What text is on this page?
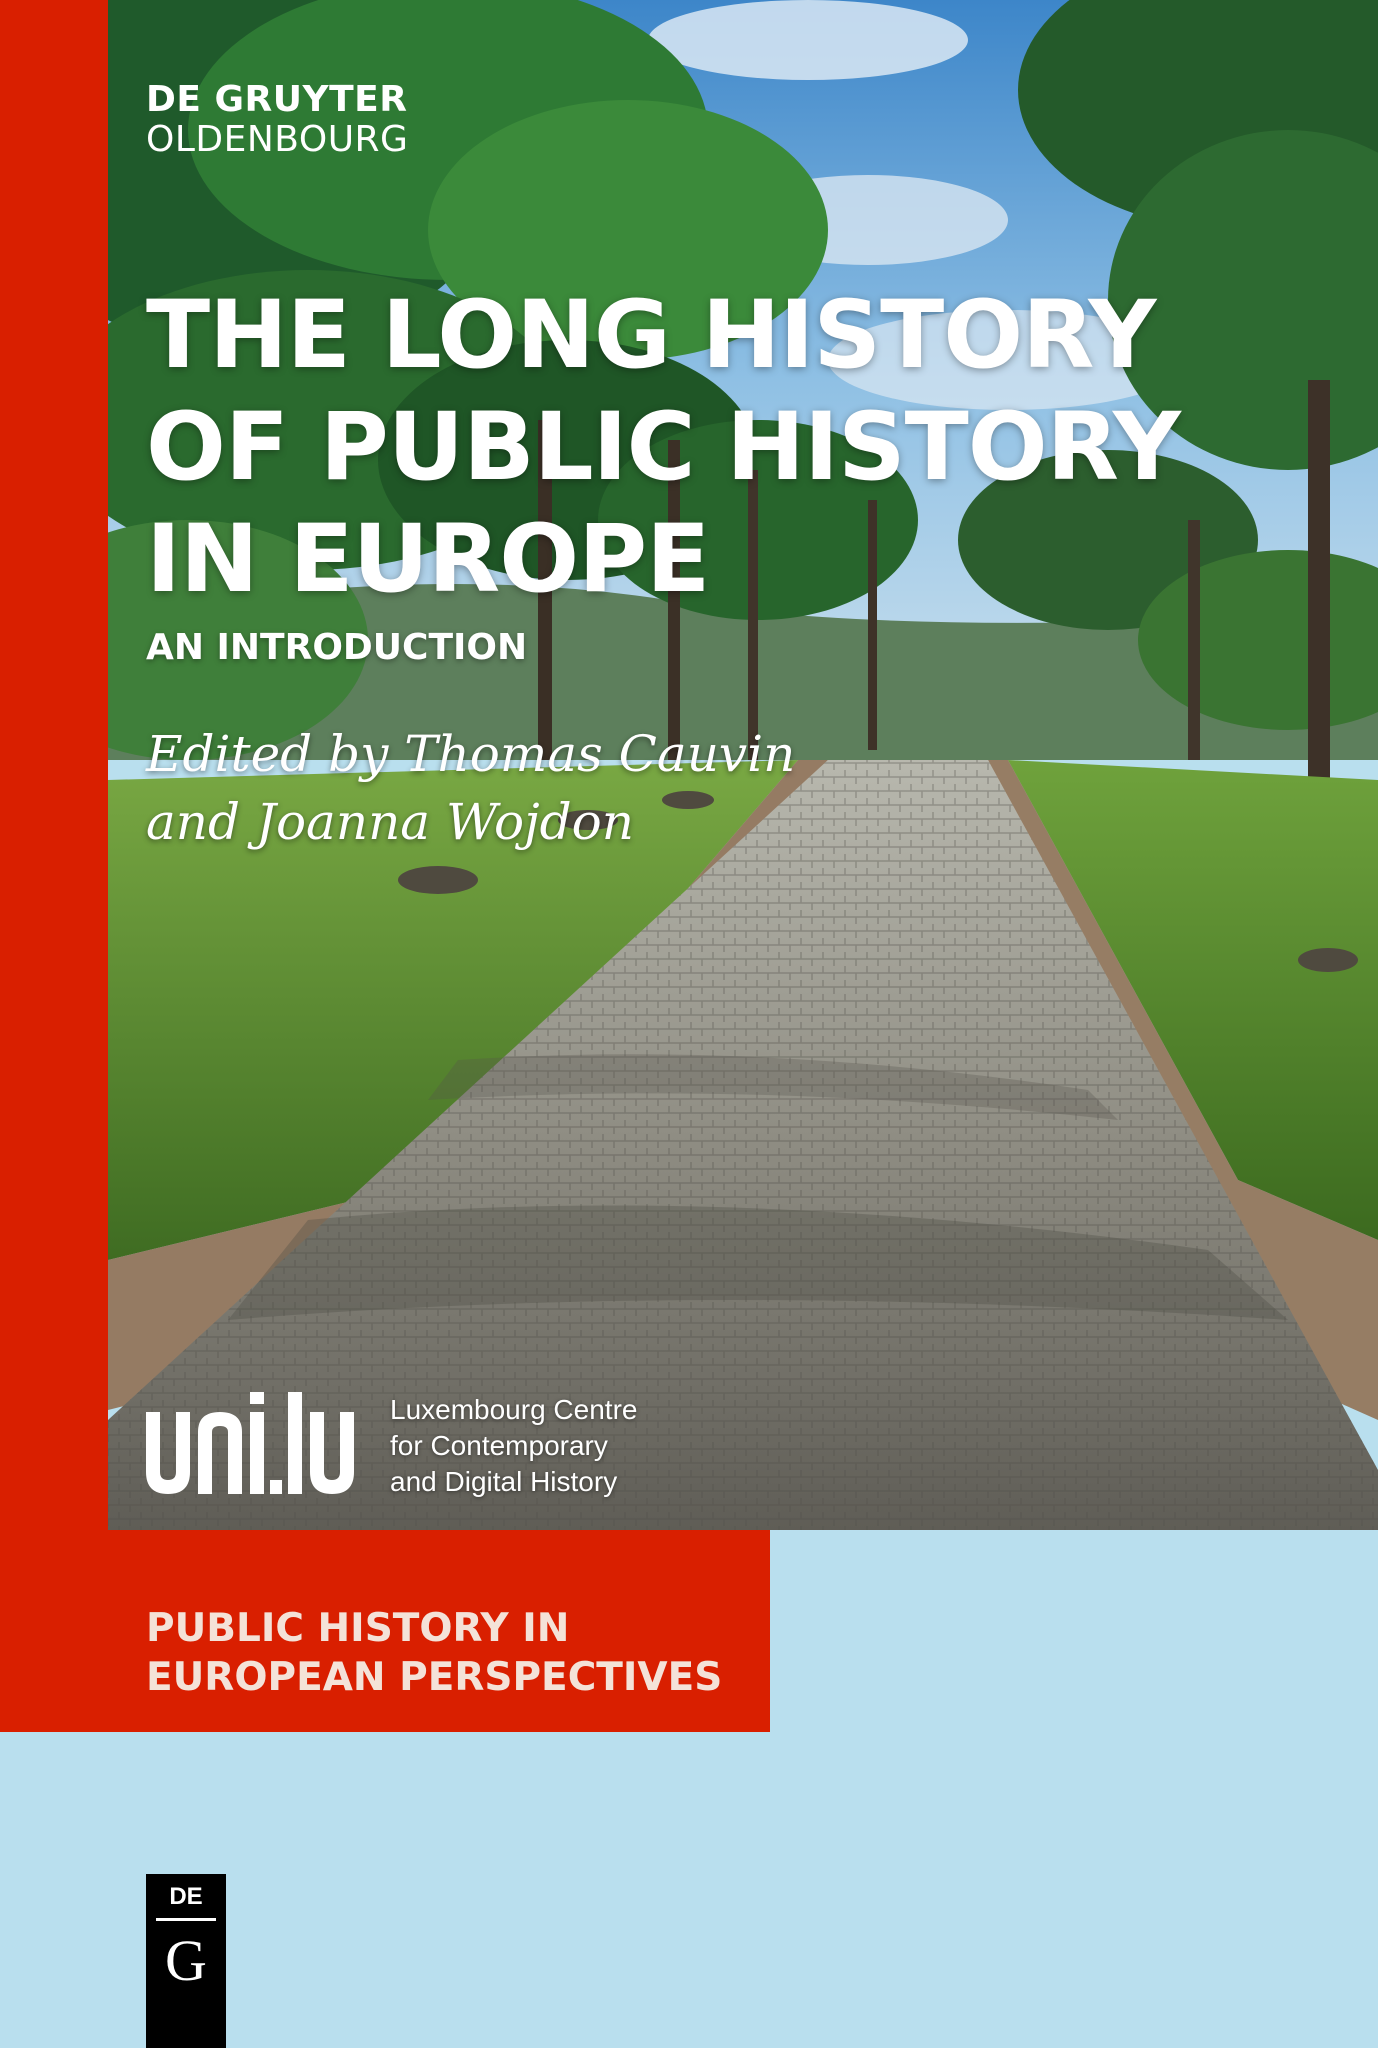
DE GRUYTER
OLDENBOURG
THE LONG HISTORY
OF PUBLIC HISTORY
IN EUROPE
AN INTRODUCTION
Edited by Thomas Cauvin
and Joanna Wojdon
Luxembourg Centre
for Contemporary
and Digital History
PUBLIC HISTORY IN
EUROPEAN PERSPECTIVES
DE
G
